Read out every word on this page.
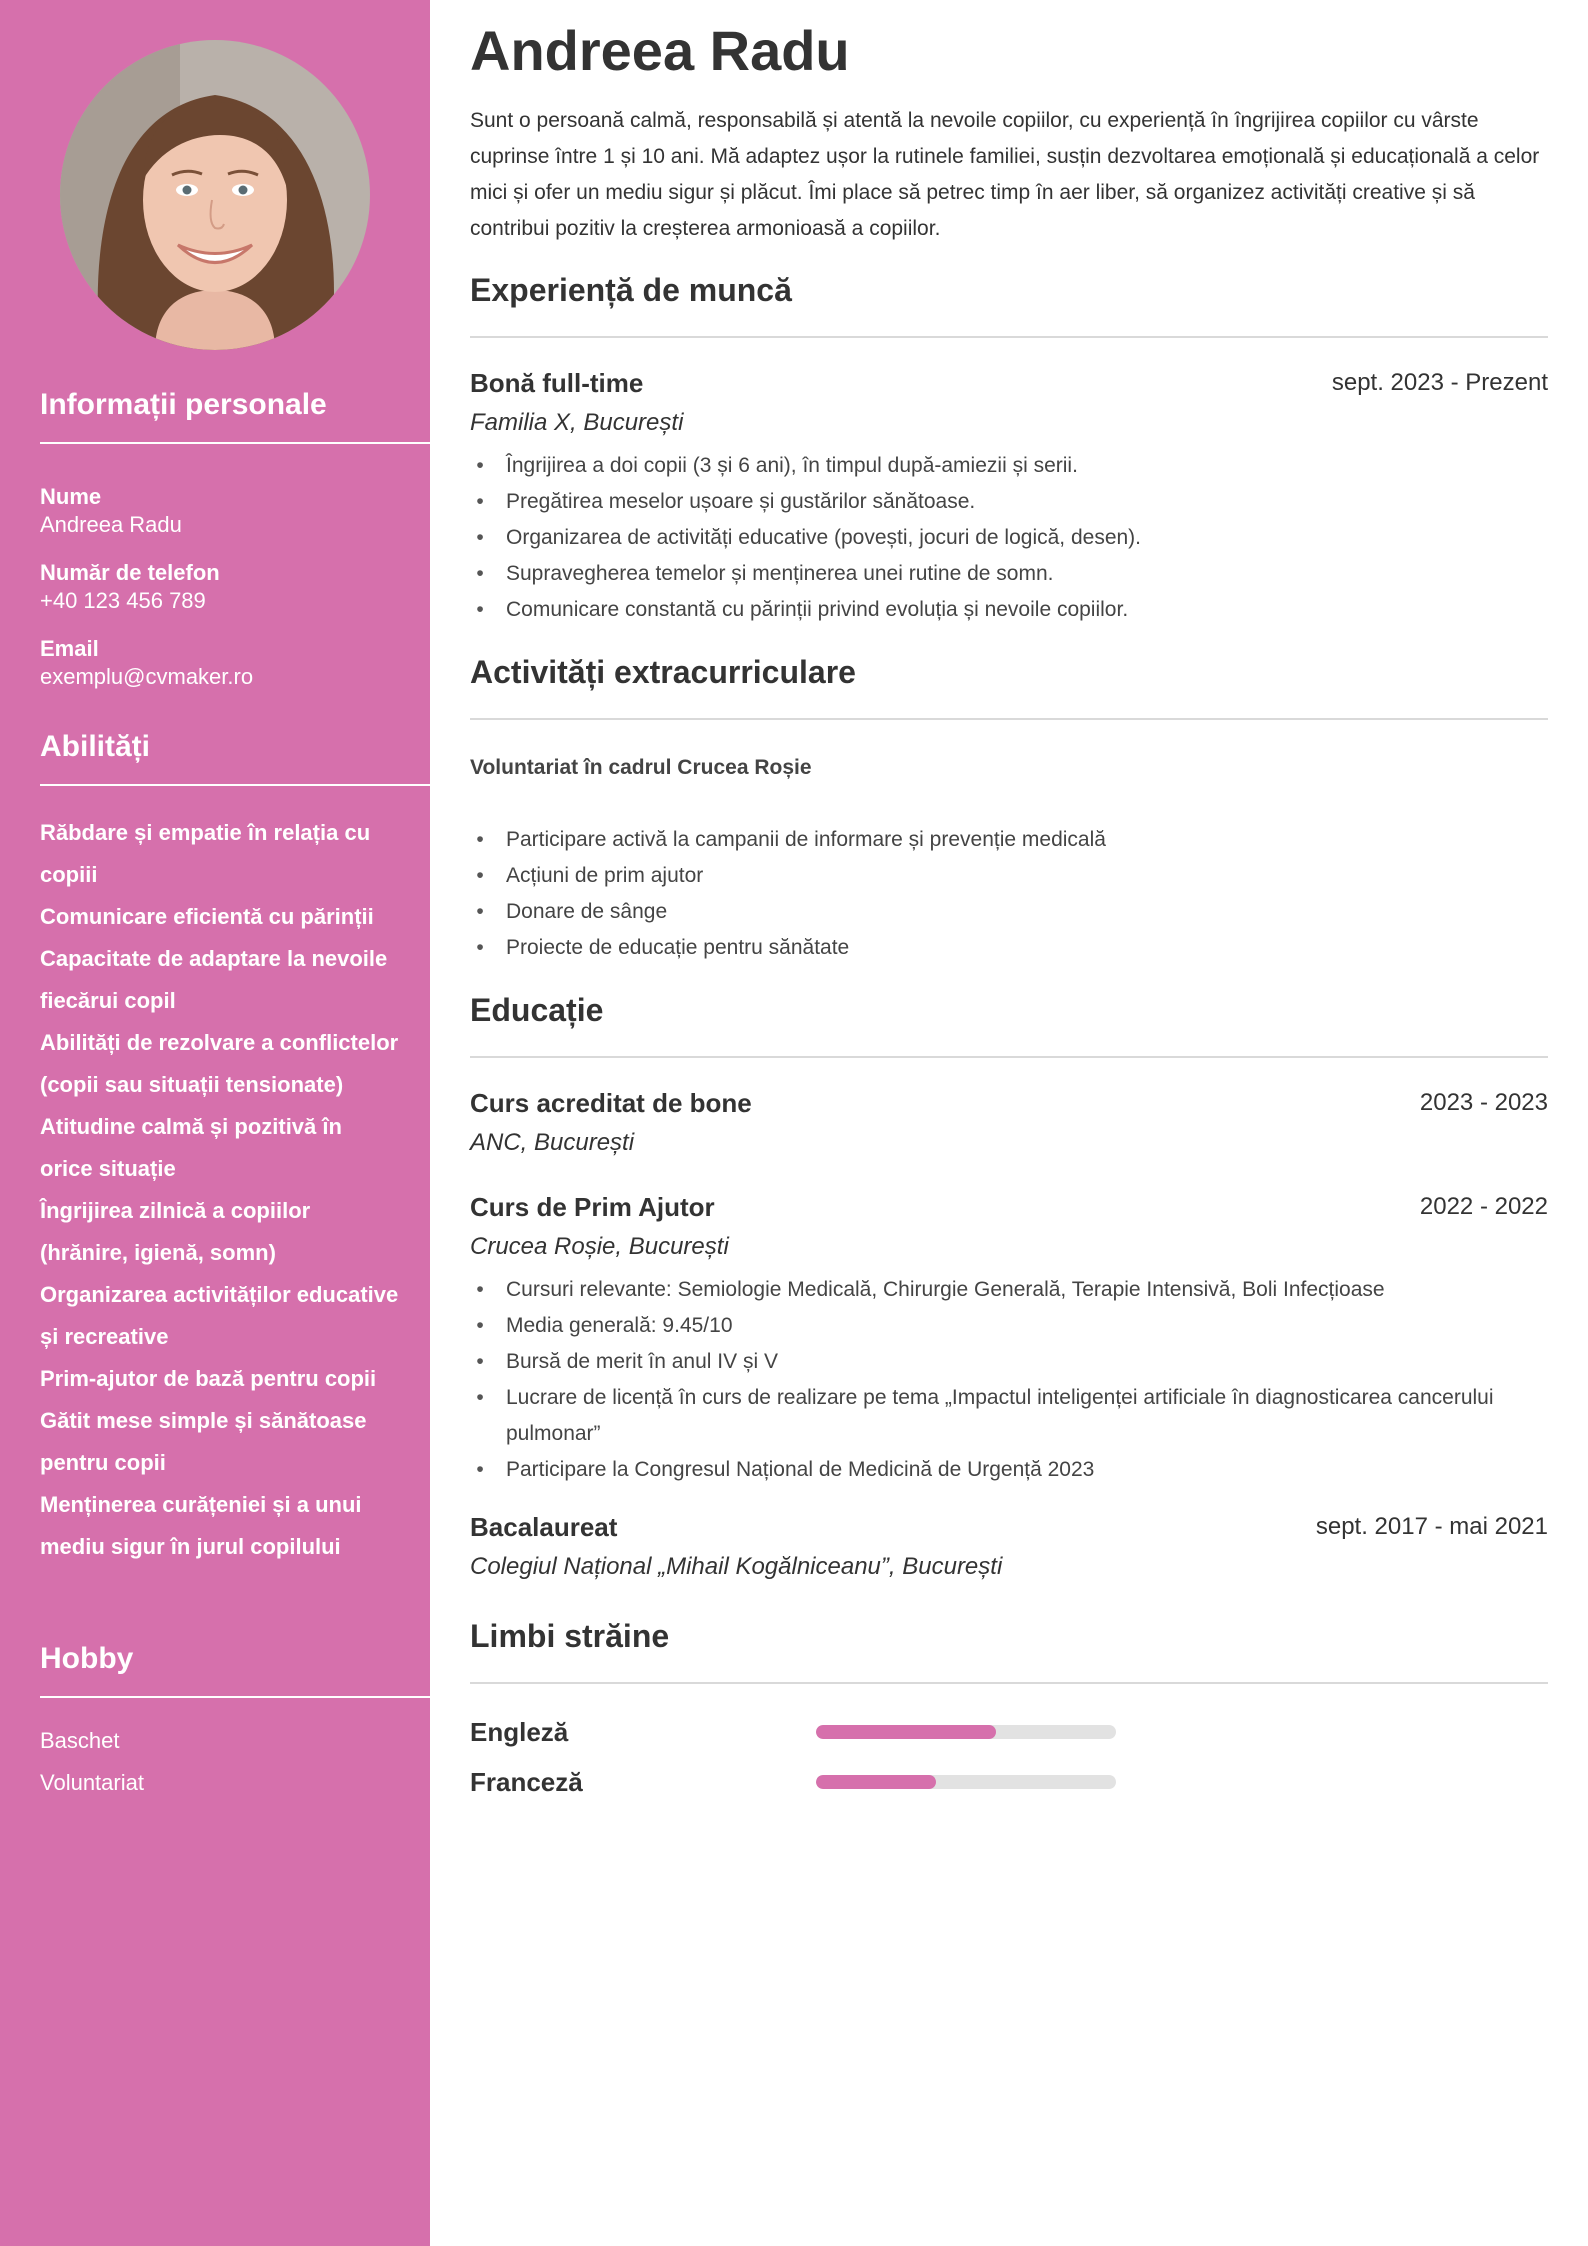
Informații personale
Nume
Andreea Radu
Număr de telefon
+40 123 456 789
Email
exemplu@cvmaker.ro
Abilități
Răbdare și empatie în relația cu copiii
Comunicare eficientă cu părinții
Capacitate de adaptare la nevoile fiecărui copil
Abilități de rezolvare a conflictelor (copii sau situații tensionate)
Atitudine calmă și pozitivă în orice situație
Îngrijirea zilnică a copiilor (hrănire, igienă, somn)
Organizarea activităților educative și recreative
Prim-ajutor de bază pentru copii
Gătit mese simple și sănătoase pentru copii
Menținerea curățeniei și a unui mediu sigur în jurul copilului
Hobby
Baschet
Voluntariat
Andreea Radu

Sunt o persoană calmă, responsabilă și atentă la nevoile copiilor, cu experiență în îngrijirea copiilor cu vârste cuprinse între 1 și 10 ani. Mă adaptez ușor la rutinele familiei, susțin dezvoltarea emoțională și educațională a celor mici și ofer un mediu sigur și plăcut. Îmi place să petrec timp în aer liber, să organizez activități creative și să contribui pozitiv la creșterea armonioasă a copiilor.

Experiență de muncă
Bonă full-time	sept. 2023 - Prezent
Familia X, București
• Îngrijirea a doi copii (3 și 6 ani), în timpul după-amiezii și serii.
• Pregătirea meselor ușoare și gustărilor sănătoase.
• Organizarea de activități educative (povești, jocuri de logică, desen).
• Supravegherea temelor și menținerea unei rutine de somn.
• Comunicare constantă cu părinții privind evoluția și nevoile copiilor.
Activități extracurriculare
Voluntariat în cadrul Crucea Roșie
• Participare activă la campanii de informare și prevenție medicală
• Acțiuni de prim ajutor
• Donare de sânge
• Proiecte de educație pentru sănătate
Educație
Curs acreditat de bone	2023 - 2023
ANC, București
Curs de Prim Ajutor	2022 - 2022
Crucea Roșie, București
• Cursuri relevante: Semiologie Medicală, Chirurgie Generală, Terapie Intensivă, Boli Infecțioase
• Media generală: 9.45/10
• Bursă de merit în anul IV și V
• Lucrare de licență în curs de realizare pe tema „Impactul inteligenței artificiale în diagnosticarea cancerului pulmonar”
• Participare la Congresul Național de Medicină de Urgență 2023
Bacalaureat	sept. 2017 - mai 2021
Colegiul Național „Mihail Kogălniceanu”, București
Limbi străine
Engleză
Franceză
